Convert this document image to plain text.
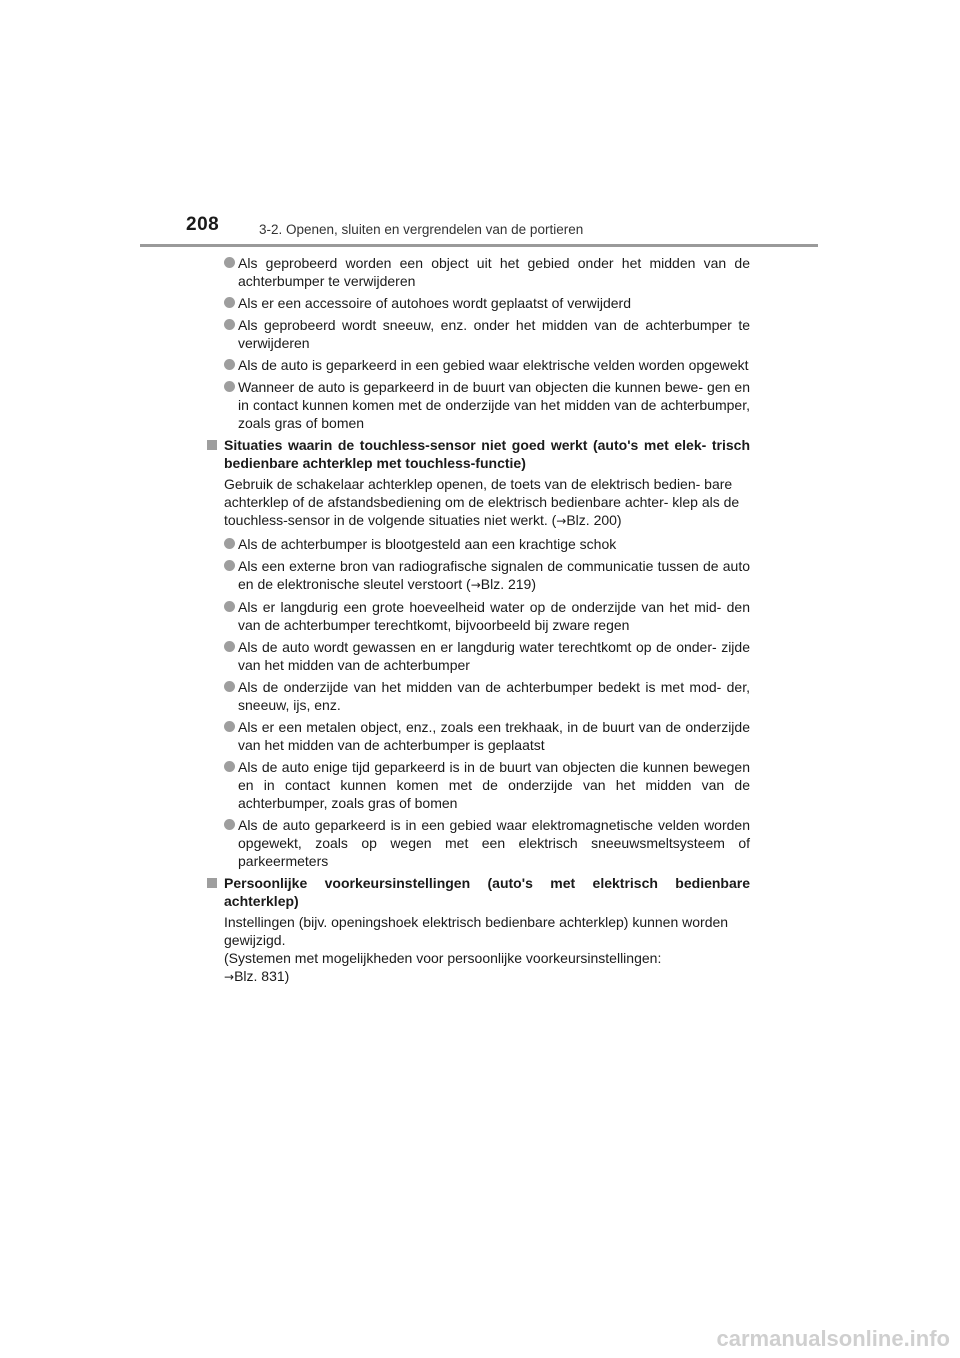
208	3-2. Openen, sluiten en vergrendelen van de portieren
Als geprobeerd worden een object uit het gebied onder het midden van de achterbumper te verwijderen
Als er een accessoire of autohoes wordt geplaatst of verwijderd
Als geprobeerd wordt sneeuw, enz. onder het midden van de achterbumper te verwijderen
Als de auto is geparkeerd in een gebied waar elektrische velden worden opgewekt
Wanneer de auto is geparkeerd in de buurt van objecten die kunnen bewe- gen en in contact kunnen komen met de onderzijde van het midden van de achterbumper, zoals gras of bomen
Situaties waarin de touchless-sensor niet goed werkt (auto's met elek- trisch bedienbare achterklep met touchless-functie)
Gebruik de schakelaar achterklep openen, de toets van de elektrisch bedien- bare achterklep of de afstandsbediening om de elektrisch bedienbare achter- klep als de touchless-sensor in de volgende situaties niet werkt. (→Blz. 200)
Als de achterbumper is blootgesteld aan een krachtige schok
Als een externe bron van radiografische signalen de communicatie tussen de auto en de elektronische sleutel verstoort (→Blz. 219)
Als er langdurig een grote hoeveelheid water op de onderzijde van het mid- den van de achterbumper terechtkomt, bijvoorbeeld bij zware regen
Als de auto wordt gewassen en er langdurig water terechtkomt op de onder- zijde van het midden van de achterbumper
Als de onderzijde van het midden van de achterbumper bedekt is met mod- der, sneeuw, ijs, enz.
Als er een metalen object, enz., zoals een trekhaak, in de buurt van de onderzijde van het midden van de achterbumper is geplaatst
Als de auto enige tijd geparkeerd is in de buurt van objecten die kunnen bewegen en in contact kunnen komen met de onderzijde van het midden van de achterbumper, zoals gras of bomen
Als de auto geparkeerd is in een gebied waar elektromagnetische velden worden opgewekt, zoals op wegen met een elektrisch sneeuwsmeltsysteem of parkeermeters
Persoonlijke voorkeursinstellingen (auto's met elektrisch bedienbare achterklep)

Instellingen (bijv. openingshoek elektrisch bedienbare achterklep) kunnen worden gewijzigd.

(Systemen met mogelijkheden voor persoonlijke voorkeursinstellingen:

→Blz. 831)

carmanualsonline.info
